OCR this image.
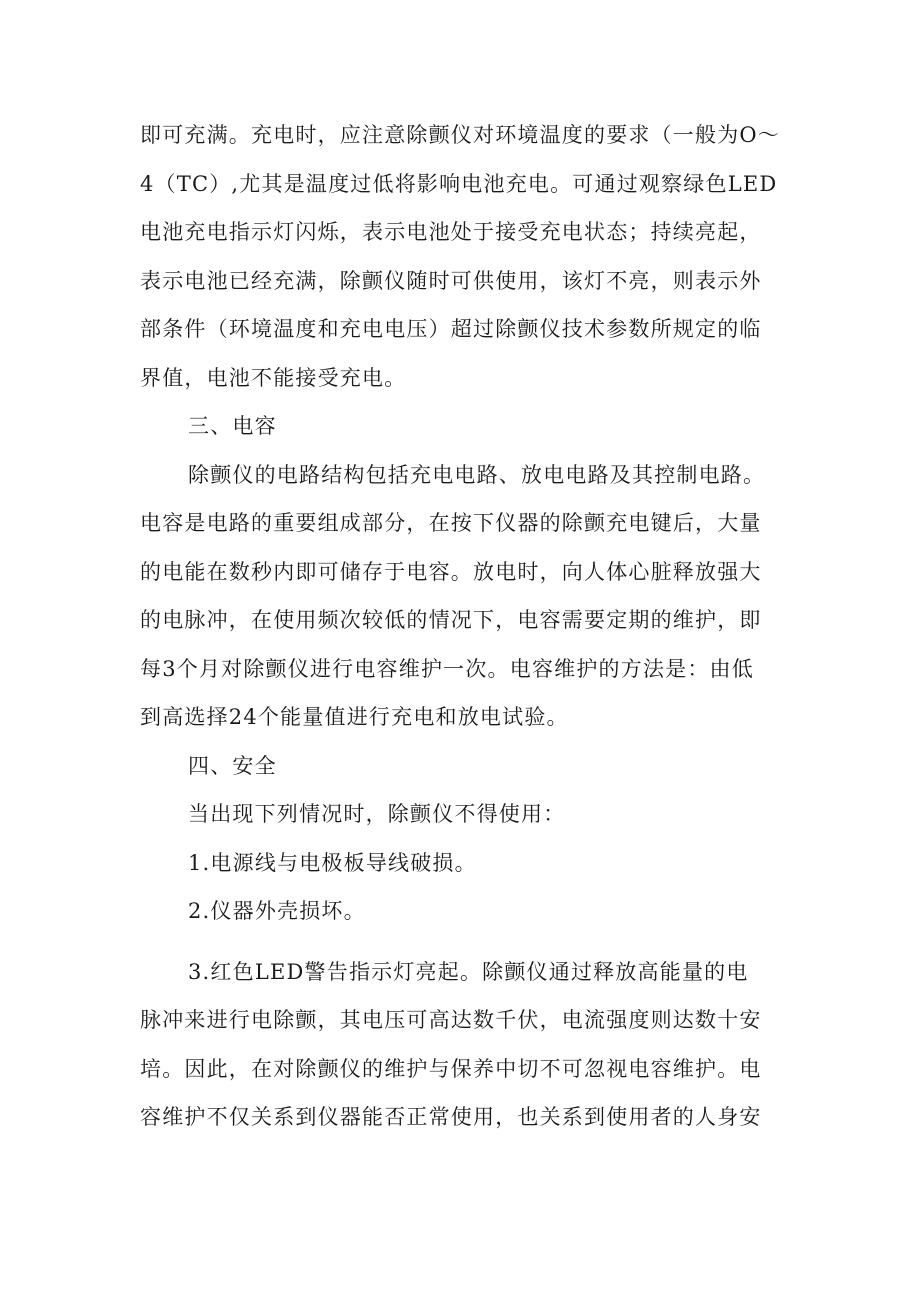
即可充满。充电时，应注意除颤仪对环境温度的要求（一般为O～
4（TC）,尤其是温度过低将影响电池充电。可通过观察绿色LED
电池充电指示灯闪烁，表示电池处于接受充电状态；持续亮起，
表示电池已经充满，除颤仪随时可供使用，该灯不亮，则表示外
部条件（环境温度和充电电压）超过除颤仪技术参数所规定的临
界值，电池不能接受充电。
三、电容
除颤仪的电路结构包括充电电路、放电电路及其控制电路。
电容是电路的重要组成部分，在按下仪器的除颤充电键后，大量
的电能在数秒内即可储存于电容。放电时，向人体心脏释放强大
的电脉冲，在使用频次较低的情况下，电容需要定期的维护，即
每3个月对除颤仪进行电容维护一次。电容维护的方法是：由低
到高选择24个能量值进行充电和放电试验。
四、安全
当出现下列情况时，除颤仪不得使用：
1.电源线与电极板导线破损。
2.仪器外壳损坏。
3.红色LED警告指示灯亮起。除颤仪通过释放高能量的电
脉冲来进行电除颤，其电压可高达数千伏，电流强度则达数十安
培。因此，在对除颤仪的维护与保养中切不可忽视电容维护。电
容维护不仅关系到仪器能否正常使用，也关系到使用者的人身安
